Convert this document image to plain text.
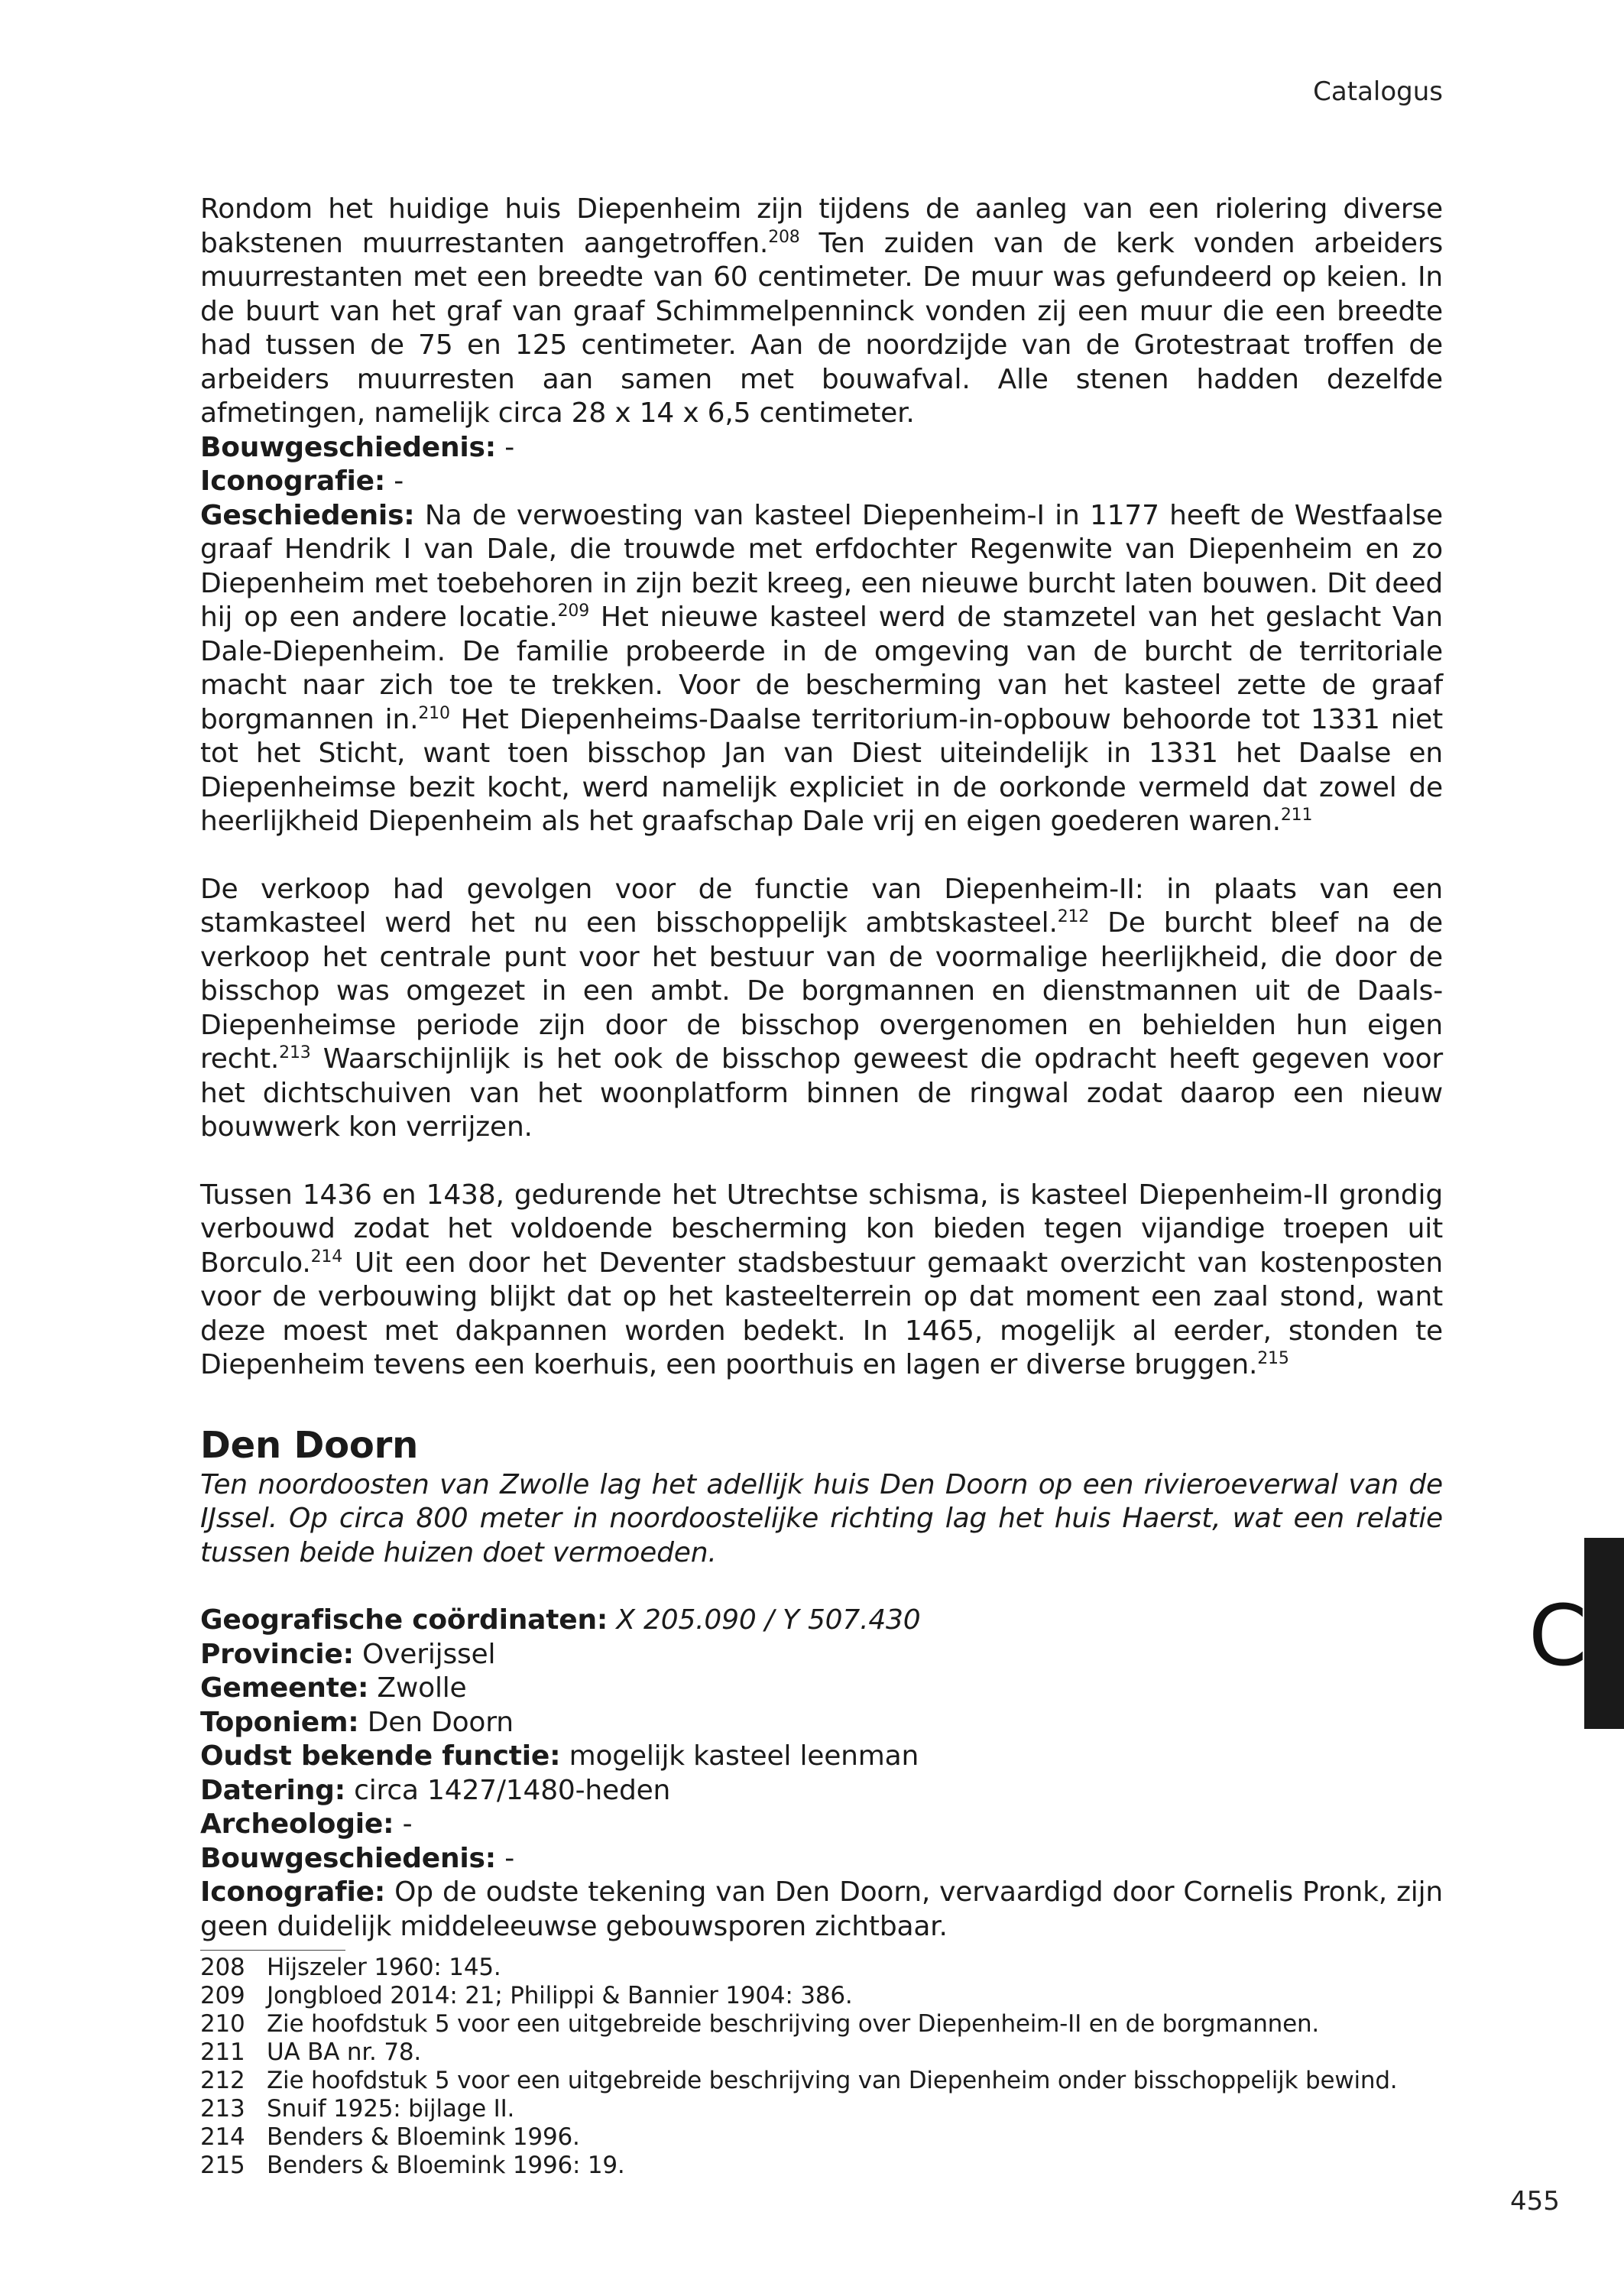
Catalogus

Rondom het huidige huis Diepenheim zijn tijdens de aanleg van een riolering diverse bakstenen muurrestanten aangetroffen.$^{208}$ Ten zuiden van de kerk vonden arbeiders muurrestanten met een breedte van 60 centimeter. De muur was gefundeerd op keien. In de buurt van het graf van graaf Schimmelpenninck vonden zij een muur die een breedte had tussen de 75 en 125 centimeter. Aan de noordzijde van de Grotestraat troffen de arbeiders muurresten aan samen met bouwafval. Alle stenen hadden dezelfde afmetingen, namelijk circa 28 x 14 x 6,5 centimeter.

Bouwgeschiedenis: -

Iconografie: -

Geschiedenis: Na de verwoesting van kasteel Diepenheim-I in 1177 heeft de Westfaalse graaf Hendrik I van Dale, die trouwde met erfdochter Regenwite van Diepenheim en zo Diepenheim met toebehoren in zijn bezit kreeg, een nieuwe burcht laten bouwen. Dit deed hij op een andere locatie.$^{209}$ Het nieuwe kasteel werd de stamzetel van het geslacht Van Dale-Diepenheim. De familie probeerde in de omgeving van de burcht de territoriale macht naar zich toe te trekken. Voor de bescherming van het kasteel zette de graaf borgmannen in.$^{210}$ Het Diepenheims-Daalse territorium-in-opbouw behoorde tot 1331 niet tot het Sticht, want toen bisschop Jan van Diest uiteindelijk in 1331 het Daalse en Diepenheimse bezit kocht, werd namelijk expliciet in de oorkonde vermeld dat zowel de heerlijkheid Diepenheim als het graafschap Dale vrij en eigen goederen waren.$^{211}$

De verkoop had gevolgen voor de functie van Diepenheim-II: in plaats van een stamkasteel werd het nu een bisschoppelijk ambtskasteel.$^{212}$ De burcht bleef na de verkoop het centrale punt voor het bestuur van de voormalige heerlijkheid, die door de bisschop was omgezet in een ambt. De borgmannen en dienstmannen uit de Daals-Diepenheimse periode zijn door de bisschop overgenomen en behielden hun eigen recht.$^{213}$ Waarschijnlijk is het ook de bisschop geweest die opdracht heeft gegeven voor het dichtschuiven van het woonplatform binnen de ringwal zodat daarop een nieuw bouwwerk kon verrijzen.

Tussen 1436 en 1438, gedurende het Utrechtse schisma, is kasteel Diepenheim-II grondig verbouwd zodat het voldoende bescherming kon bieden tegen vijandige troepen uit Borculo.$^{214}$ Uit een door het Deventer stadsbestuur gemaakt overzicht van kostenposten voor de verbouwing blijkt dat op het kasteelterrein op dat moment een zaal stond, want deze moest met dakpannen worden bedekt. In 1465, mogelijk al eerder, stonden te Diepenheim tevens een koerhuis, een poorthuis en lagen er diverse bruggen.$^{215}$

Den Doorn

Ten noordoosten van Zwolle lag het adellijk huis Den Doorn op een rivieroeverwal van de IJssel. Op circa 800 meter in noordoostelijke richting lag het huis Haerst, wat een relatie tussen beide huizen doet vermoeden.

Geografische coördinaten: X 205.090 / Y 507.430

Provincie: Overijssel

Gemeente: Zwolle

Toponiem: Den Doorn

Oudst bekende functie: mogelijk kasteel leenman

Datering: circa 1427/1480-heden

Archeologie: -

Bouwgeschiedenis: -

Iconografie: Op de oudste tekening van Den Doorn, vervaardigd door Cornelis Pronk, zijn geen duidelijk middeleeuwse gebouwsporen zichtbaar.

208 Hijszeler 1960: 145.
209 Jongbloed 2014: 21; Philippi & Bannier 1904: 386.
210 Zie hoofdstuk 5 voor een uitgebreide beschrijving over Diepenheim-II en de borgmannen.
211 UA BA nr. 78.
212 Zie hoofdstuk 5 voor een uitgebreide beschrijving van Diepenheim onder bisschoppelijk bewind.
213 Snuif 1925: bijlage II.
214 Benders & Bloemink 1996.
215 Benders & Bloemink 1996: 19.
C
455
